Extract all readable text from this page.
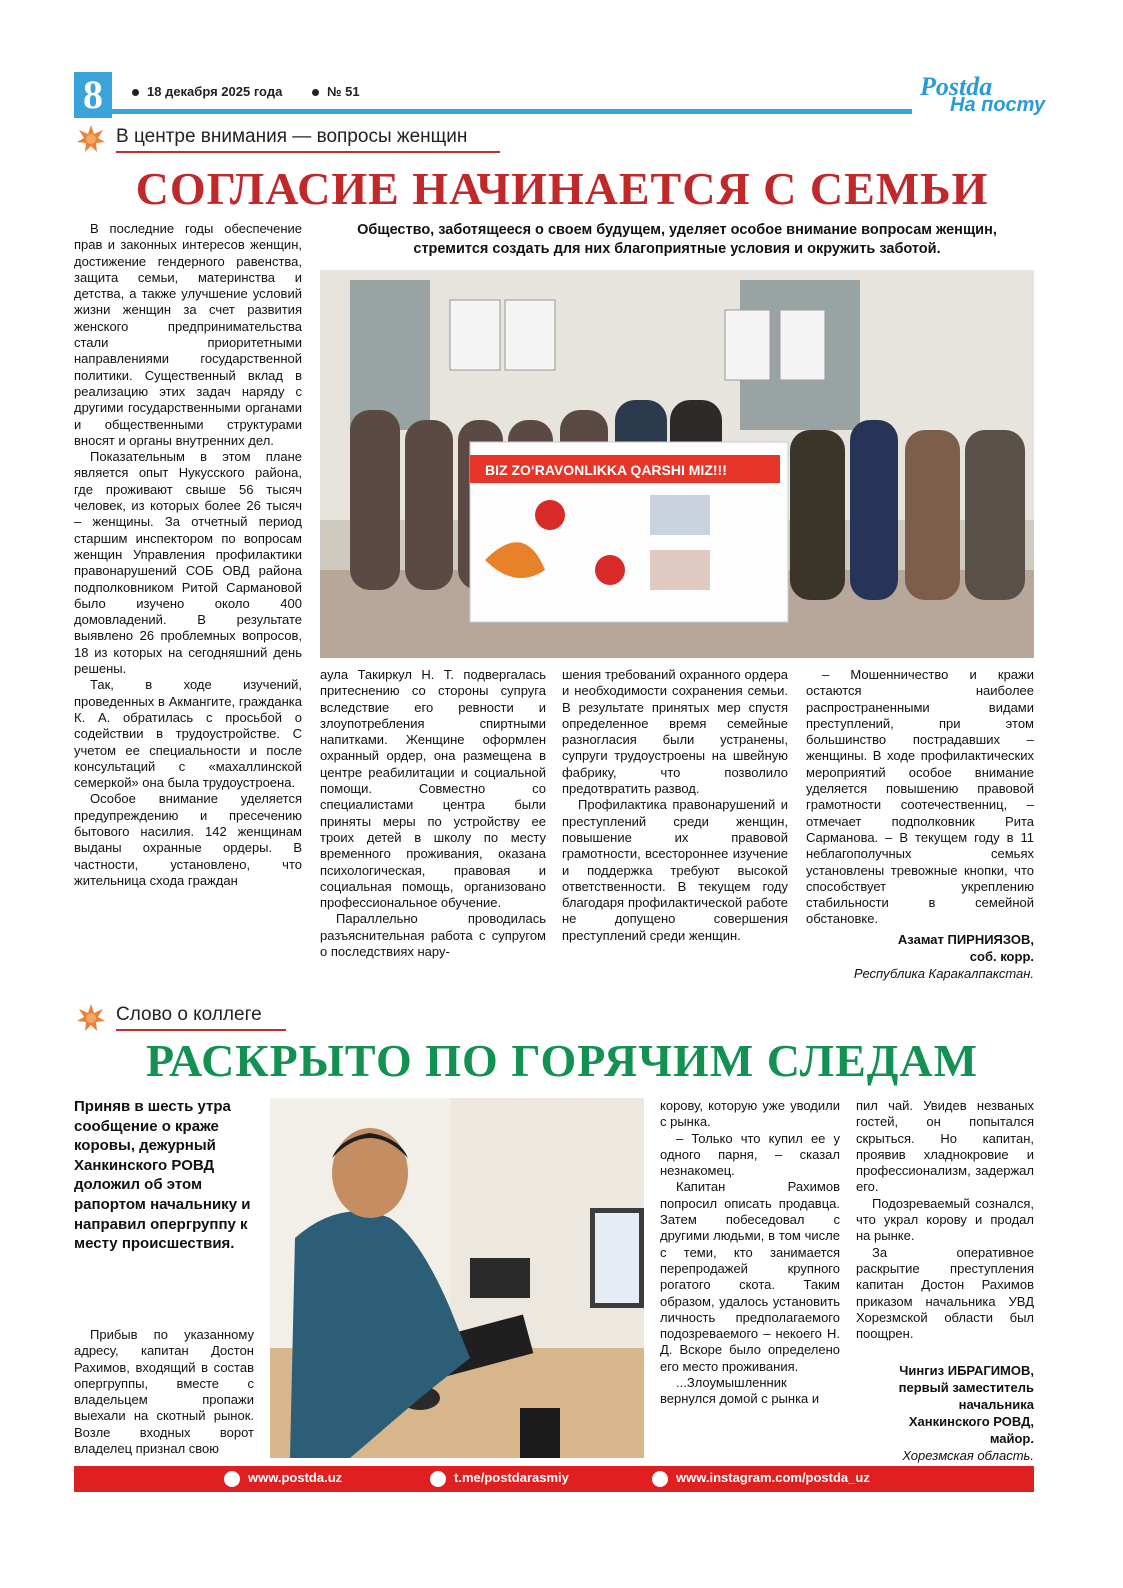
8	18 декабря 2025 года	№ 51	Postda
На посту
В центре внимания — вопросы женщин
СОГЛАСИЕ НАЧИНАЕТСЯ С СЕМЬИ
Общество, заботящееся о своем будущем, уделяет особое внимание вопросам женщин, стремится создать для них благоприятные условия и окружить заботой.
BIZ ZO‘RAVONLIKKA QARSHI MIZ!!!

В последние годы обеспечение прав и законных интересов женщин, достижение гендерного равенства, защита семьи, материнства и детства, а также улучшение условий жизни женщин за счет развития женского предпринимательства стали приоритетными направлениями государственной политики. Существенный вклад в реализацию этих задач наряду с другими государственными органами и общественными структурами вносят и органы внутренних дел.

Показательным в этом плане является опыт Нукусского района, где проживают свыше 56 тысяч человек, из которых более 26 тысяч – женщины. За отчетный период старшим инспектором по вопросам женщин Управления профилактики правонарушений СОБ ОВД района подполковником Ритой Сармановой было изучено около 400 домовладений. В результате выявлено 26 проблемных вопросов, 18 из которых на сегодняшний день решены.

Так, в ходе изучений, проведенных в Акмангите, гражданка К. А. обратилась с просьбой о содействии в трудоустройстве. С учетом ее специальности и после консультаций с «махаллинской семеркой» она была трудоустроена.

Особое внимание уделяется предупреждению и пресечению бытового насилия. 142 женщинам выданы охранные ордеры. В частности, установлено, что жительница схода граждан

аула Такиркул Н. Т. подвергалась притеснению со стороны супруга вследствие его ревности и злоупотребления спиртными напитками. Женщине оформлен охранный ордер, она размещена в центре реабилитации и социальной помощи. Совместно со специалистами центра были приняты меры по устройству ее троих детей в школу по месту временного проживания, оказана психологическая, правовая и социальная помощь, организовано профессиональное обучение.

Параллельно проводилась разъяснительная работа с супругом о последствиях нару-

шения требований охранного ордера и необходимости сохранения семьи. В результате принятых мер спустя определенное время семейные разногласия были устранены, супруги трудоустроены на швейную фабрику, что позволило предотвратить развод.

Профилактика правонарушений и преступлений среди женщин, повышение их правовой грамотности, всестороннее изучение и поддержка требуют высокой ответственности. В текущем году благодаря профилактической работе не допущено совершения преступлений среди женщин.

– Мошенничество и кражи остаются наиболее распространенными видами преступлений, при этом большинство пострадавших – женщины. В ходе профилактических мероприятий особое внимание уделяется повышению правовой грамотности соотечественниц, – отмечает подполковник Рита Сарманова. – В текущем году в 11 неблагополучных семьях установлены тревожные кнопки, что способствует укреплению стабильности в семейной обстановке.

Азамат ПИРНИЯЗОВ,
соб. корр.
Республика Каракалпакстан.
Слово о коллеге
РАСКРЫТО ПО ГОРЯЧИМ СЛЕДАМ
Приняв в шесть утра сообщение о краже коровы, дежурный Ханкинского РОВД доложил об этом рапортом начальнику и направил опергруппу к месту происшествия.

Прибыв по указанному адресу, капитан Достон Рахимов, входящий в состав опергруппы, вместе с владельцем пропажи выехали на скотный рынок. Возле входных ворот владелец признал свою

корову, которую уже уводили с рынка.

– Только что купил ее у одного парня, – сказал незнакомец.

Капитан Рахимов попросил описать продавца. Затем побеседовал с другими людьми, в том числе с теми, кто занимается перепродажей крупного рогатого скота. Таким образом, удалось установить личность предполагаемого подозреваемого – некоего Н. Д. Вскоре было определено его место проживания.

...Злоумышленник вернулся домой с рынка и

пил чай. Увидев незваных гостей, он попытался скрыться. Но капитан, проявив хладнокровие и профессионализм, задержал его.

Подозреваемый сознался, что украл корову и продал на рынке.

За оперативное раскрытие преступления капитан Достон Рахимов приказом начальника УВД Хорезмской области был поощрен.

Чингиз ИБРАГИМОВ,
первый заместитель
начальника
Ханкинского РОВД,
майор.
Хорезмская область.
www.postda.uz	t.me/postdarasmiy	www.instagram.com/postda_uz
